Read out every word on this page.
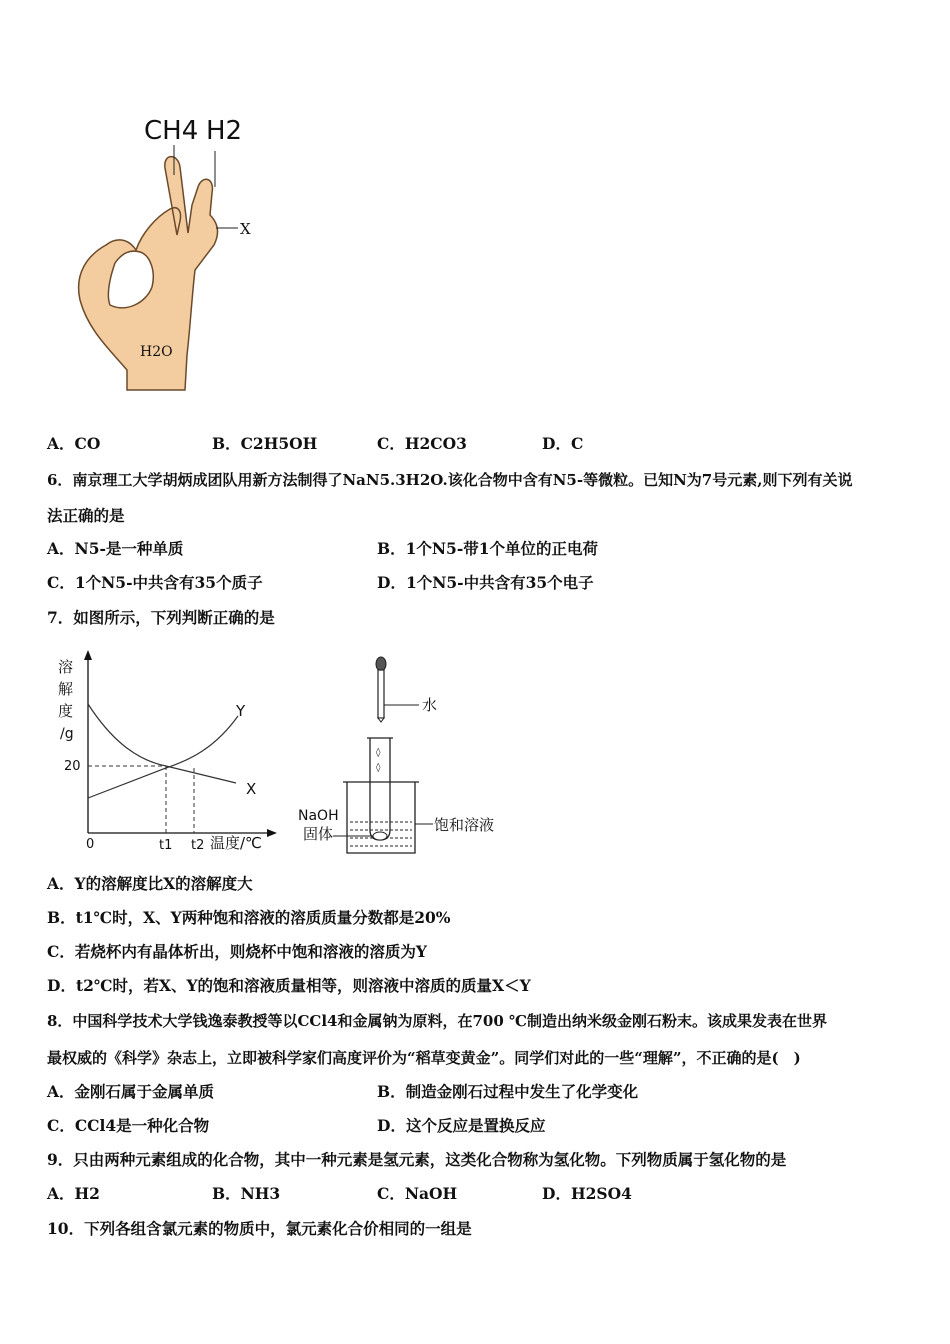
CH4 H2
X
H2O
A．CO	B．C2H5OH	C．H2CO3	D．C
6．南京理工大学胡炳成团队用新方法制得了NaN5.3H2O.该化合物中含有N5-等微粒。已知N为7号元素,则下列有关说
法正确的是
A．N5-是一种单质	B．1个N5-带1个单位的正电荷
C．1个N5-中共含有35个质子	D．1个N5-中共含有35个电子
7．如图所示，下列判断正确的是
溶
解
度
/g
20
0	t1 t2 温度/℃
Y
X
水
◊
◊
NaOH
固体	饱和溶液
A．Y的溶解度比X的溶解度大
B．t1℃时，X、Y两种饱和溶液的溶质质量分数都是20%
C．若烧杯内有晶体析出，则烧杯中饱和溶液的溶质为Y
D．t2℃时，若X、Y的饱和溶液质量相等，则溶液中溶质的质量X＜Y
8．中国科学技术大学钱逸泰教授等以CCl4和金属钠为原料，在700 ℃制造出纳米级金刚石粉末。该成果发表在世界
最权威的《科学》杂志上，立即被科学家们高度评价为“稻草变黄金”。同学们对此的一些“理解”，不正确的是(　)
A．金刚石属于金属单质	B．制造金刚石过程中发生了化学变化
C．CCl4是一种化合物	D．这个反应是置换反应
9．只由两种元素组成的化合物，其中一种元素是氢元素，这类化合物称为氢化物。下列物质属于氢化物的是
A．H2	B．NH3	C．NaOH	D．H2SO4
10．下列各组含氯元素的物质中，氯元素化合价相同的一组是
